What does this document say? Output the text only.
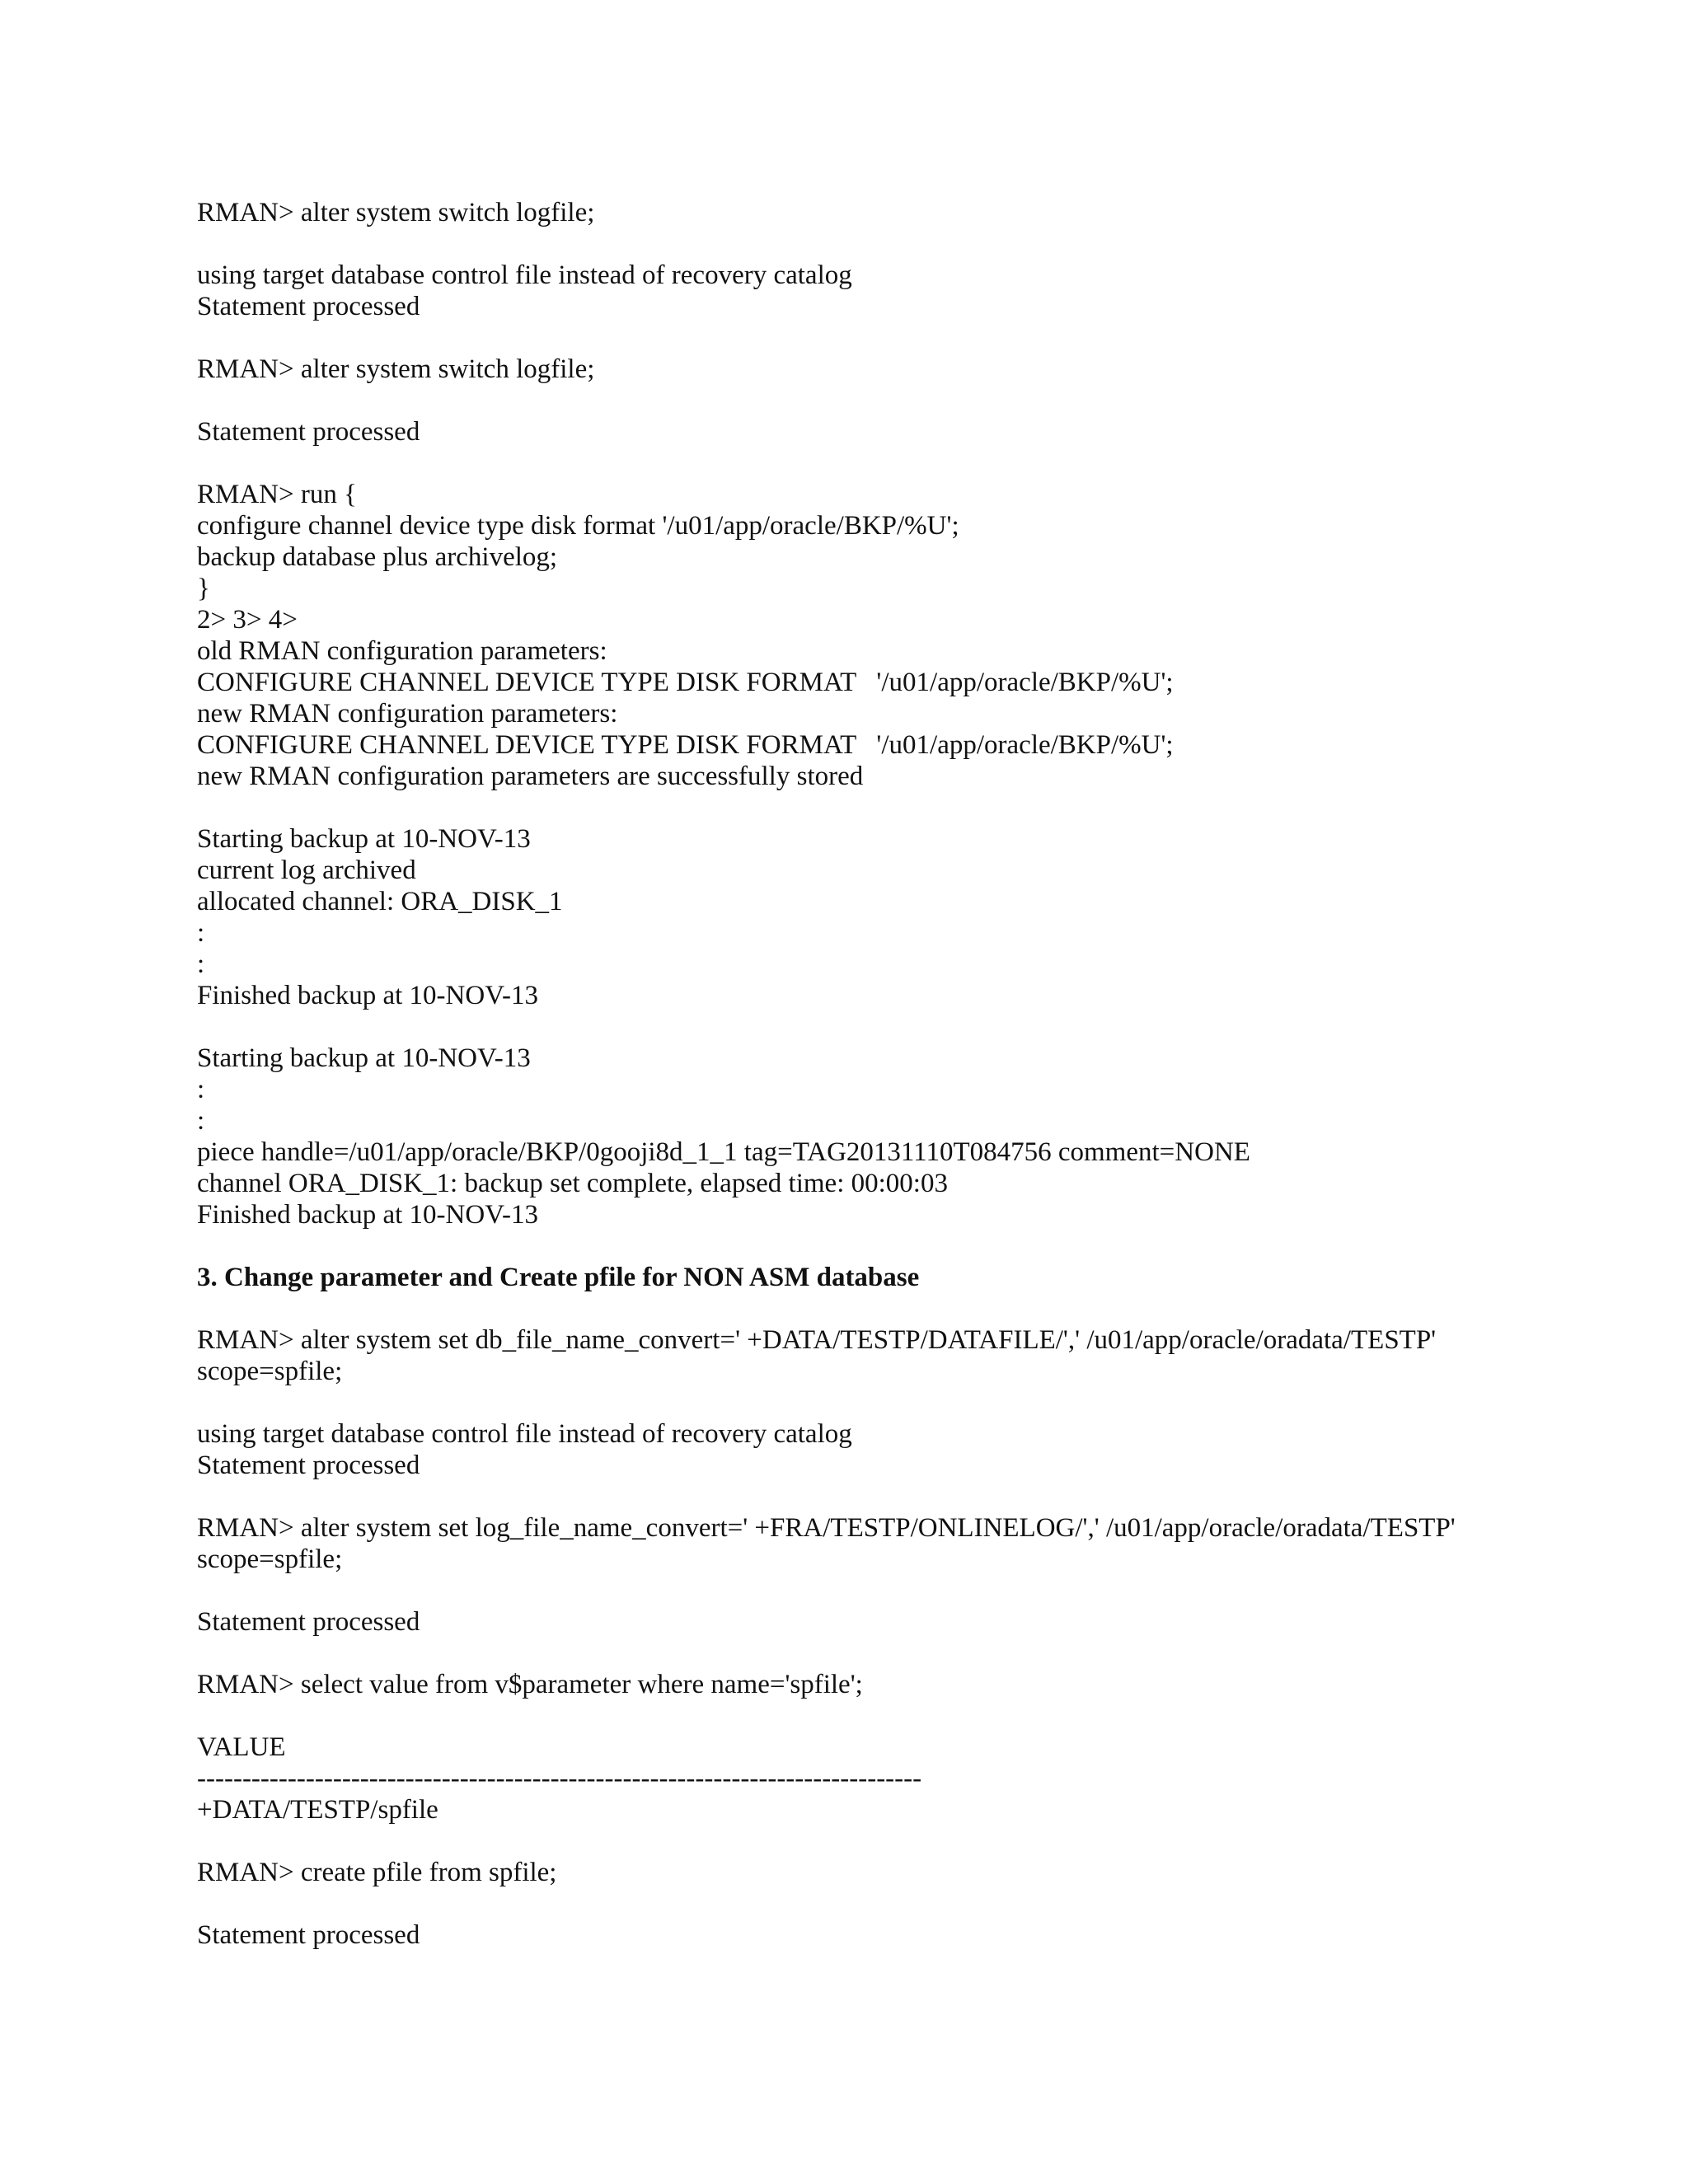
RMAN> alter system switch logfile;
using target database control file instead of recovery catalog
Statement processed
RMAN> alter system switch logfile;
Statement processed
RMAN> run {
configure channel device type disk format '/u01/app/oracle/BKP/%U';
backup database plus archivelog;
}
2> 3> 4>
old RMAN configuration parameters:
CONFIGURE CHANNEL DEVICE TYPE DISK FORMAT   '/u01/app/oracle/BKP/%U';
new RMAN configuration parameters:
CONFIGURE CHANNEL DEVICE TYPE DISK FORMAT   '/u01/app/oracle/BKP/%U';
new RMAN configuration parameters are successfully stored
Starting backup at 10-NOV-13
current log archived
allocated channel: ORA_DISK_1
:
:
Finished backup at 10-NOV-13
Starting backup at 10-NOV-13
:
:
piece handle=/u01/app/oracle/BKP/0gooji8d_1_1 tag=TAG20131110T084756 comment=NONE
channel ORA_DISK_1: backup set complete, elapsed time: 00:00:03
Finished backup at 10-NOV-13
3. Change parameter and Create pfile for NON ASM database
RMAN> alter system set db_file_name_convert=' +DATA/TESTP/DATAFILE/',' /u01/app/oracle/oradata/TESTP'
scope=spfile;
using target database control file instead of recovery catalog
Statement processed
RMAN> alter system set log_file_name_convert=' +FRA/TESTP/ONLINELOG/',' /u01/app/oracle/oradata/TESTP'
scope=spfile;
Statement processed
RMAN> select value from v$parameter where name='spfile';
VALUE
--------------------------------------------------------------------------------
+DATA/TESTP/spfile
RMAN> create pfile from spfile;
Statement processed
